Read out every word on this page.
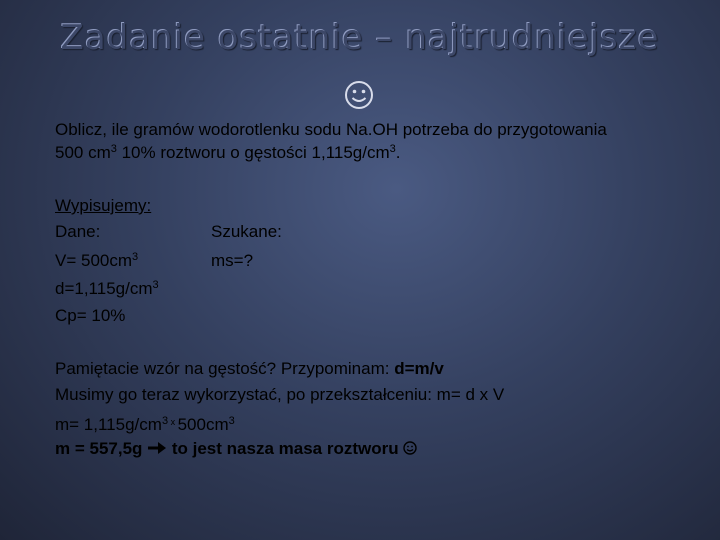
Zadanie ostatnie – najtrudniejsze
Oblicz, ile gramów wodorotlenku sodu Na.OH potrzeba do przygotowania
500 $cm^3$ 10% roztworu o gęstości $1,115g/cm^3$.
Wypisujemy:
Dane:
$V= 500cm^3$
$d=1,115g/cm^3$
Cp= 10%
Szukane:
ms=?
Pamiętacie wzór na gęstość? Przypominam: d=m/v
Musimy go teraz wykorzystać, po przekształceniu: m= d x V
$m= 1,115g/cm^3$ $^x$ $500cm^3$
m = 557,5g  to jest nasza masa roztworu
